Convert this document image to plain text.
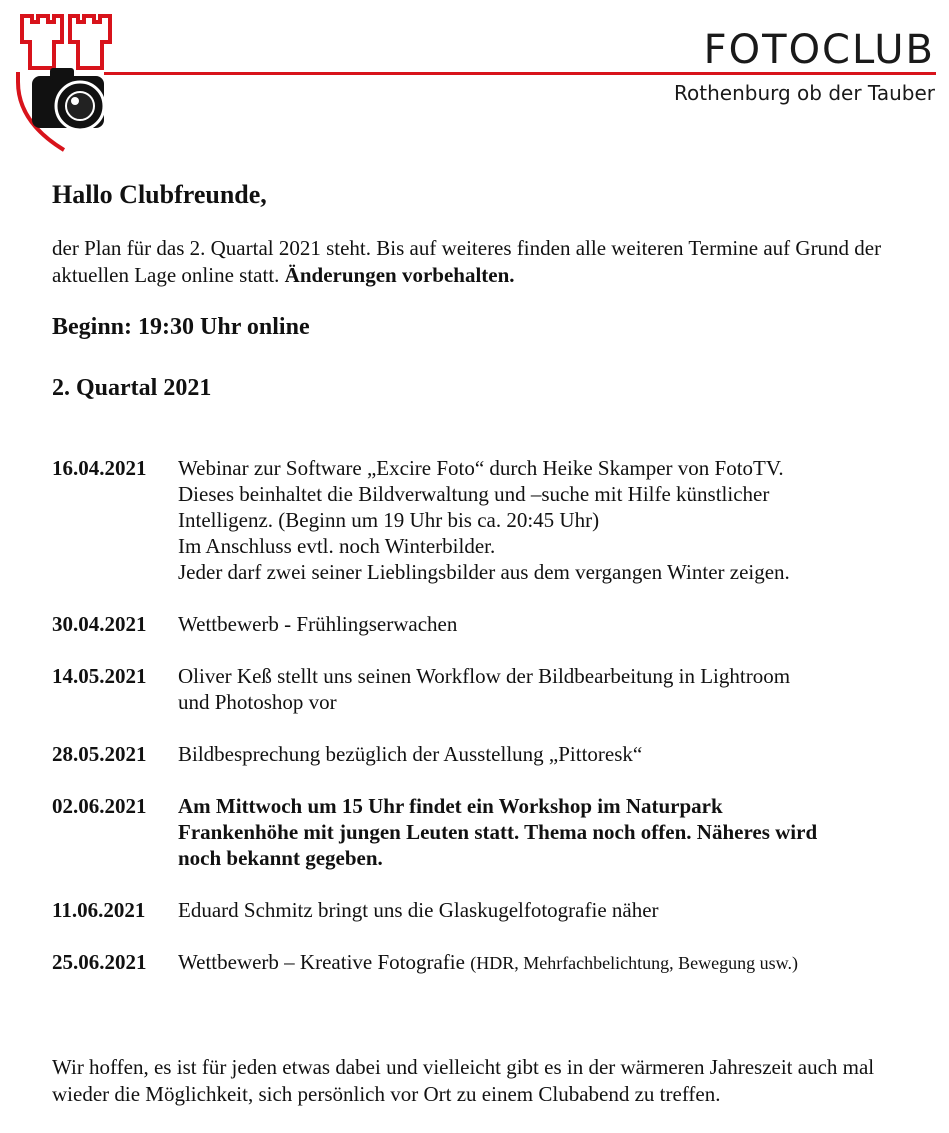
FOTOCLUB
Rothenburg ob der Tauber
Hallo Clubfreunde,
der Plan für das 2. Quartal 2021 steht. Bis auf weiteres finden alle weiteren Termine auf Grund der aktuellen Lage online statt. Änderungen vorbehalten.
Beginn: 19:30 Uhr online
2. Quartal 2021
16.04.2021	Webinar zur Software „Excire Foto“ durch Heike Skamper von FotoTV.
Dieses beinhaltet die Bildverwaltung und –suche mit Hilfe künstlicher
Intelligenz. (Beginn um 19 Uhr bis ca. 20:45 Uhr)
Im Anschluss evtl. noch Winterbilder.
Jeder darf zwei seiner Lieblingsbilder aus dem vergangen Winter zeigen.
30.04.2021	Wettbewerb - Frühlingserwachen
14.05.2021	Oliver Keß stellt uns seinen Workflow der Bildbearbeitung in Lightroom
und Photoshop vor
28.05.2021	Bildbesprechung bezüglich der Ausstellung „Pittoresk“
02.06.2021	Am Mittwoch um 15 Uhr findet ein Workshop im Naturpark
Frankenhöhe mit jungen Leuten statt. Thema noch offen. Näheres wird
noch bekannt gegeben.
11.06.2021	Eduard Schmitz bringt uns die Glaskugelfotografie näher
25.06.2021	Wettbewerb – Kreative Fotografie (HDR, Mehrfachbelichtung, Bewegung usw.)
Wir hoffen, es ist für jeden etwas dabei und vielleicht gibt es in der wärmeren Jahreszeit auch mal wieder die Möglichkeit, sich persönlich vor Ort zu einem Clubabend zu treffen.
